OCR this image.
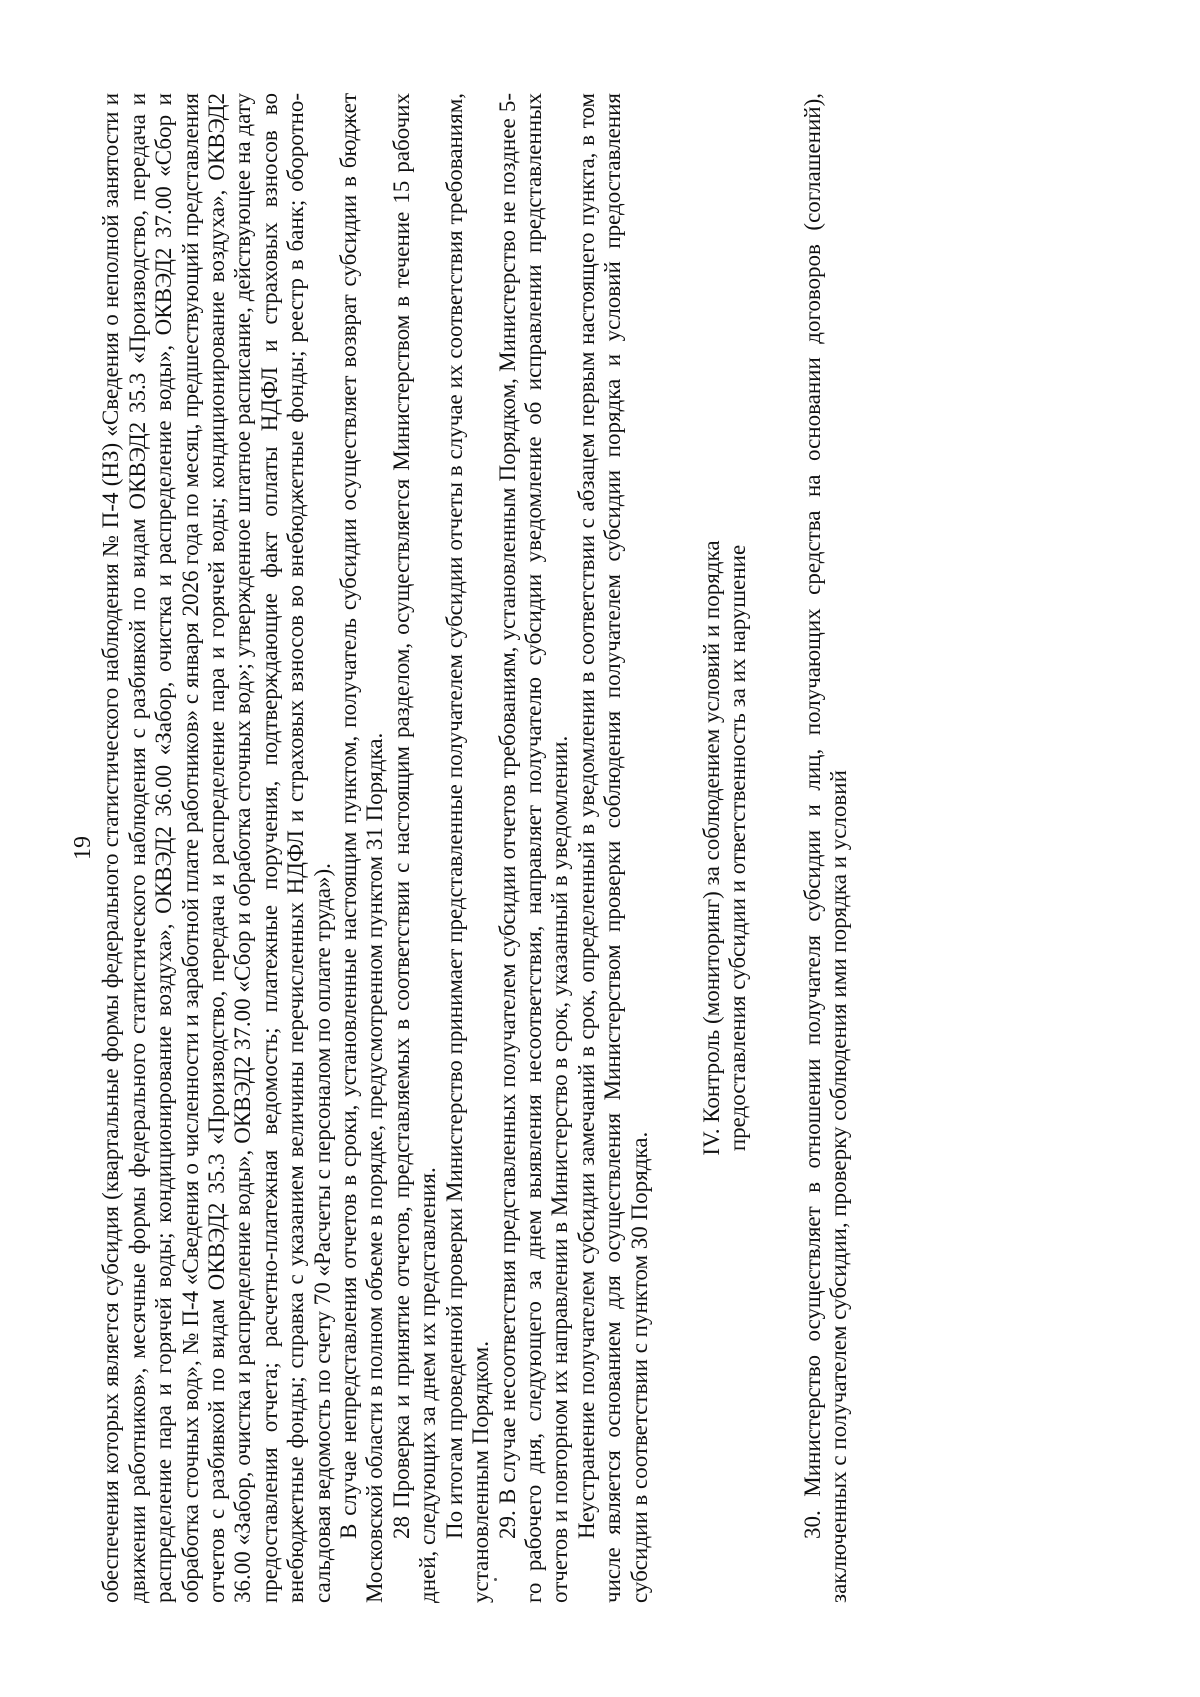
19 обеспечения которых является субсидия (квартальные формы федерального статистического наблюдения № П-4 (НЗ) «Сведения о неполной занятости и движении работников», месячные формы федерального статистического наблюдения с разбивкой по видам ОКВЭД2 35.3 «Производство, передача и распределение пара и горячей воды; кондиционирование воздуха», ОКВЭД2 36.00 «Забор, очистка и распределение воды», ОКВЭД2 37.00 «Сбор и обработка сточных вод», № П-4 «Сведения о численности и заработной плате работников» с января 2026 года по месяц, предшествующий представления отчетов с разбивкой по видам ОКВЭД2 35.3 «Производство, передача и распределение пара и горячей воды; кондиционирование воздуха», ОКВЭД2 36.00 «Забор, очистка и распределение воды», ОКВЭД2 37.00 «Сбор и обработка сточных вод»; утвержденное штатное расписание, действующее на дату предоставления отчета; расчетно-платежная ведомость; платежные поручения, подтверждающие факт оплаты НДФЛ и страховых взносов во внебюджетные фонды; справка с указанием величины перечисленных НДФЛ и страховых взносов во внебюджетные фонды; реестр в банк; оборотно-сальдовая ведомость по счету 70 «Расчеты с персоналом по оплате труда»). В случае непредставления отчетов в сроки, установленные настоящим пунктом, получатель субсидии осуществляет возврат субсидии в бюджет Московской области в полном объеме в порядке, предусмотренном пунктом 31 Порядка. 28 Проверка и принятие отчетов, представляемых в соответствии с настоящим разделом, осуществляется Министерством в течение 15 рабочих дней, следующих за днем их представления. По итогам проведенной проверки Министерство принимает представленные получателем субсидии отчеты в случае их соответствия требованиям, установленным Порядком. 29. В случае несоответствия представленных получателем субсидии отчетов требованиям, установленным Порядком, Министерство не позднее 5-го рабочего дня, следующего за днем выявления несоответствия, направляет получателю субсидии уведомление об исправлении представленных отчетов и повторном их направлении в Министерство в срок, указанный в уведомлении. Неустранение получателем субсидии замечаний в срок, определенный в уведомлении в соответствии с абзацем первым настоящего пункта, в том числе является основанием для осуществления Министерством проверки соблюдения получателем субсидии порядка и условий предоставления субсидии в соответствии с пунктом 30 Порядка.

IV. Контроль (мониторинг) за соблюдением условий и порядка предоставления субсидии и ответственность за их нарушение 30. Министерство осуществляет в отношении получателя субсидии и лиц, получающих средства на основании договоров (соглашений), заключенных с получателем субсидии, проверку соблюдения ими порядка и условий
